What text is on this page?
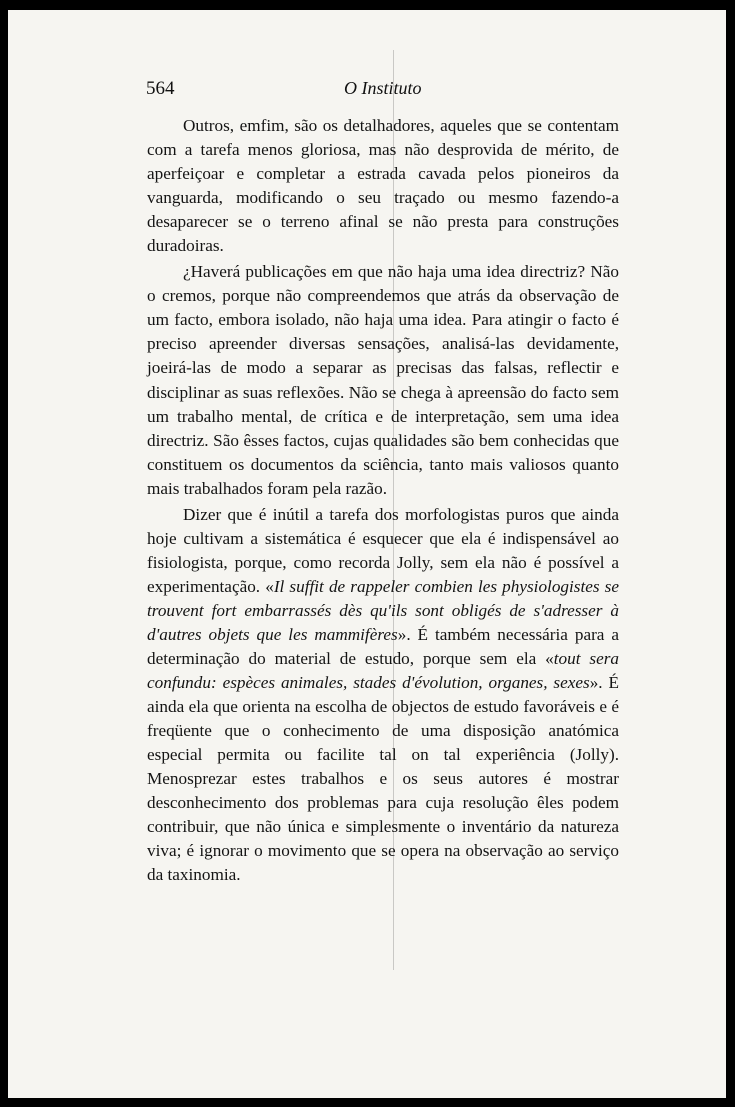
564	O Instituto

Outros, emfim, são os detalhadores, aqueles que se contentam com a tarefa menos gloriosa, mas não desprovida de mérito, de aperfeiçoar e completar a estrada cavada pelos pioneiros da vanguarda, modificando o seu traçado ou mesmo fazendo-a desaparecer se o terreno afinal se não presta para construções duradoiras.

¿Haverá publicações em que não haja uma idea directriz? Não o cremos, porque não compreendemos que atrás da observação de um facto, embora isolado, não haja uma idea. Para atingir o facto é preciso apreender diversas sensações, analisá-las devidamente, joeirá-las de modo a separar as precisas das falsas, reflectir e disciplinar as suas reflexões. Não se chega à apreensão do facto sem um trabalho mental, de crítica e de interpretação, sem uma idea directriz. São êsses factos, cujas qualidades são bem conhecidas que constituem os documentos da sciência, tanto mais valiosos quanto mais trabalhados foram pela razão.

Dizer que é inútil a tarefa dos morfologistas puros que ainda hoje cultivam a sistemática é esquecer que ela é indispensável ao fisiologista, porque, como recorda Jolly, sem ela não é possível a experimentação. «Il suffit de rappeler combien les physiologistes se trouvent fort embarrassés dès qu'ils sont obligés de s'adresser à d'autres objets que les mammifères». É também necessária para a determinação do material de estudo, porque sem ela «tout sera confundu: espèces animales, stades d'évolution, organes, sexes». É ainda ela que orienta na escolha de objectos de estudo favoráveis e é freqüente que o conhecimento de uma disposição anatómica especial permita ou facilite tal on tal experiência (Jolly). Menosprezar estes trabalhos e os seus autores é mostrar desconhecimento dos problemas para cuja resolução êles podem contribuir, que não única e simplesmente o inventário da natureza viva; é ignorar o movimento que se opera na observação ao serviço da taxinomia.
